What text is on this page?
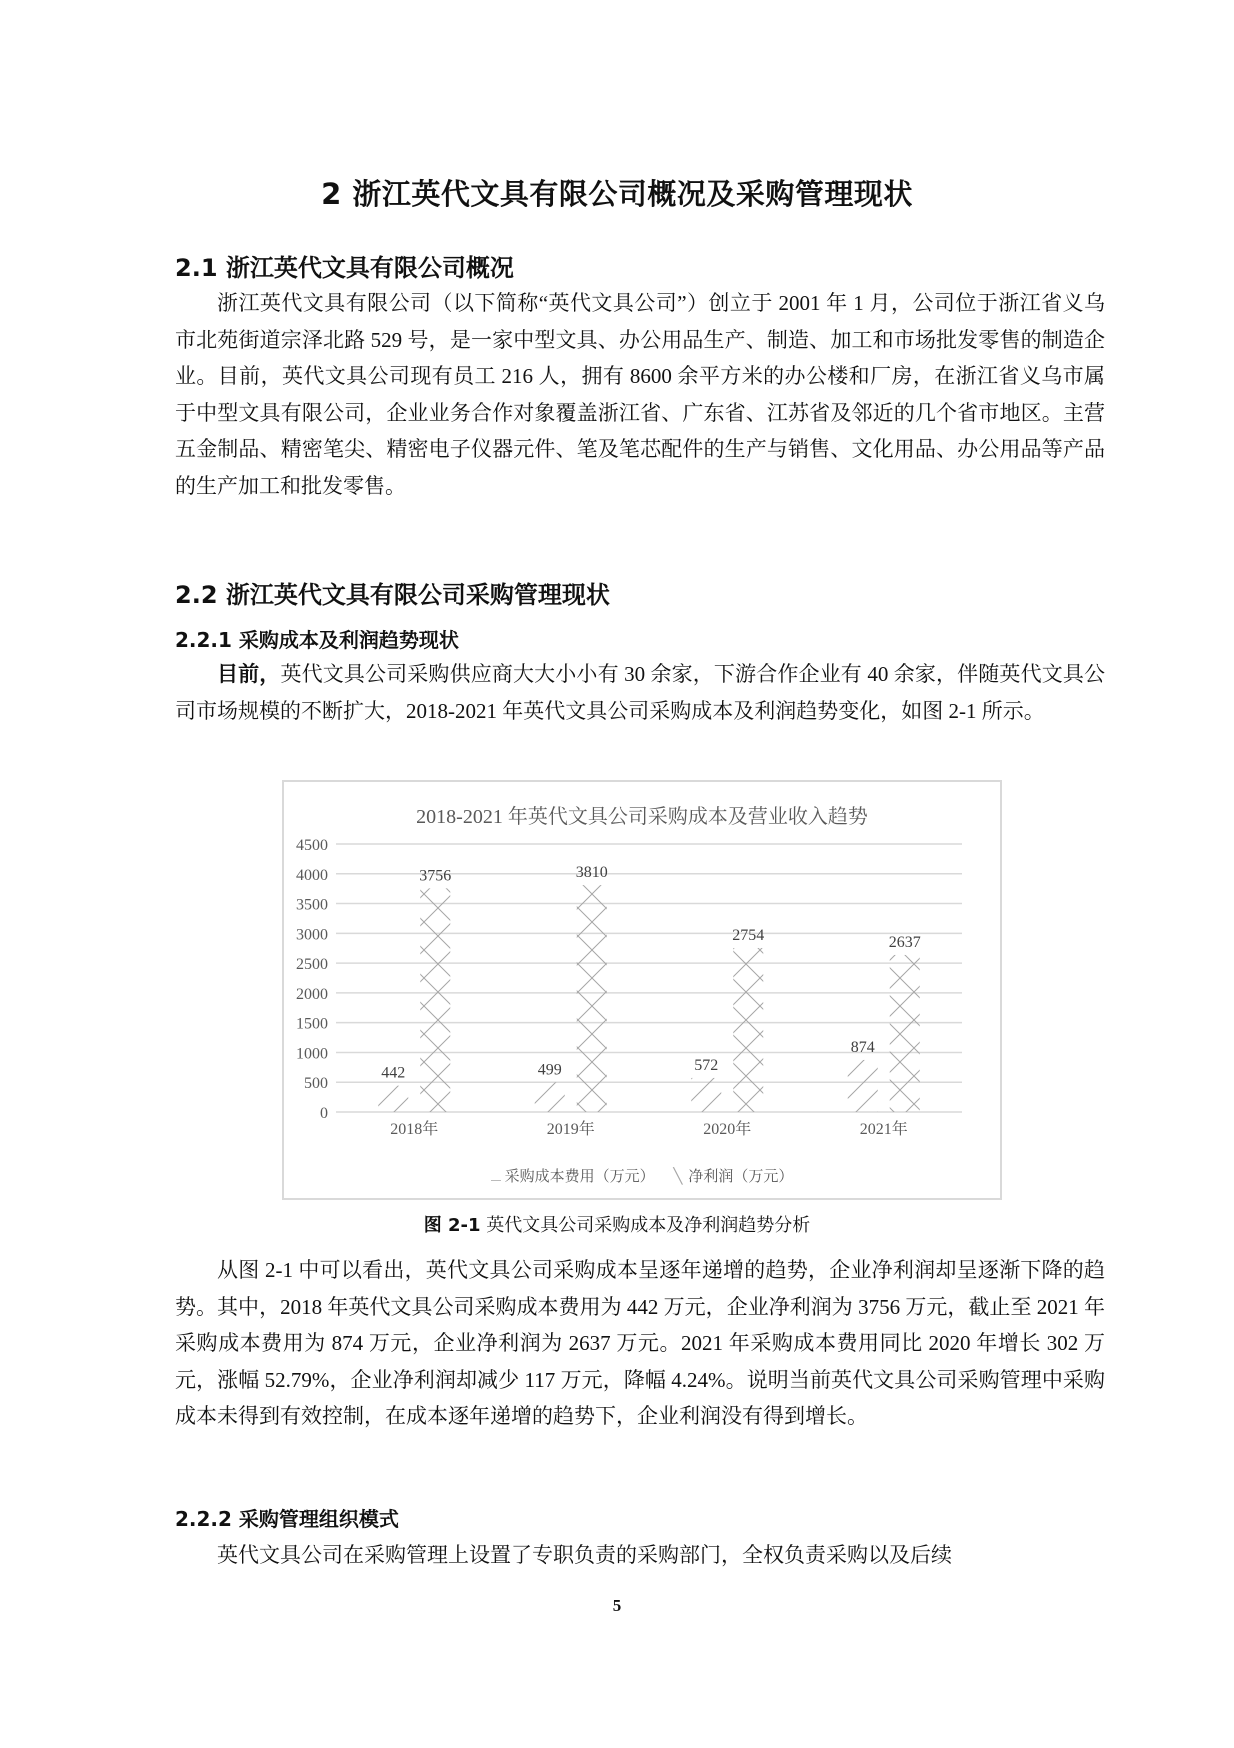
2 浙江英代文具有限公司概况及采购管理现状
2.1 浙江英代文具有限公司概况

浙江英代文具有限公司（以下简称“英代文具公司”）创立于 2001 年 1 月，公司位于浙江省义乌市北苑街道宗泽北路 529 号，是一家中型文具、办公用品生产、制造、加工和市场批发零售的制造企业。目前，英代文具公司现有员工 216 人，拥有 8600 余平方米的办公楼和厂房，在浙江省义乌市属于中型文具有限公司，企业业务合作对象覆盖浙江省、广东省、江苏省及邻近的几个省市地区。主营五金制品、精密笔尖、精密电子仪器元件、笔及笔芯配件的生产与销售、文化用品、办公用品等产品的生产加工和批发零售。

2.2 浙江英代文具有限公司采购管理现状
2.2.1 采购成本及利润趋势现状

目前，英代文具公司采购供应商大大小小有 30 余家，下游合作企业有 40 余家，伴随英代文具公司市场规模的不断扩大，2018-2021 年英代文具公司采购成本及利润趋势变化，如图 2-1 所示。

2018-2021 年英代文具公司采购成本及营业收入趋势
0
500
1000
1500
2000
2500
3000
3500
4000
4500
442
3756
2018年
499
3810
2019年
572
2754
2020年
874
2637
2021年
采购成本费用（万元） ╲ 净利润（万元）
图 2-1 英代文具公司采购成本及净利润趋势分析

从图 2-1 中可以看出，英代文具公司采购成本呈逐年递增的趋势，企业净利润却呈逐渐下降的趋势。其中，2018 年英代文具公司采购成本费用为 442 万元，企业净利润为 3756 万元，截止至 2021 年采购成本费用为 874 万元，企业净利润为 2637 万元。2021 年采购成本费用同比 2020 年增长 302 万元，涨幅 52.79%，企业净利润却减少 117 万元，降幅 4.24%。说明当前英代文具公司采购管理中采购成本未得到有效控制，在成本逐年递增的趋势下，企业利润没有得到增长。

2.2.2 采购管理组织模式

英代文具公司在采购管理上设置了专职负责的采购部门，全权负责采购以及后续

5
